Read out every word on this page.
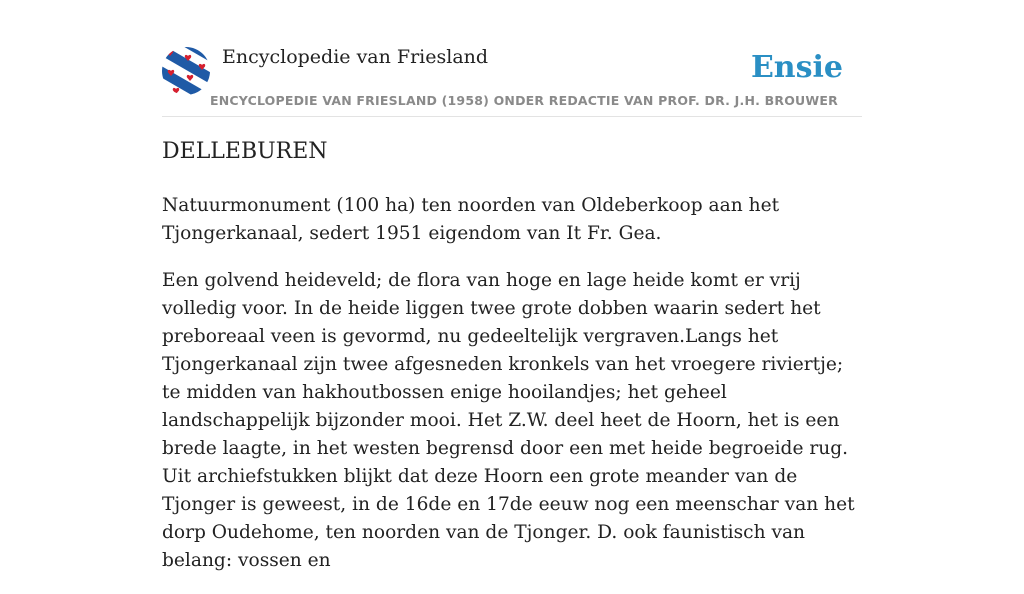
Encyclopedie van Friesland
ENCYCLOPEDIE VAN FRIESLAND (1958) ONDER REDACTIE VAN PROF. DR. J.H. BROUWER
Ensie
DELLEBUREN

Natuurmonument (100 ha) ten noorden van Oldeberkoop aan het Tjongerkanaal, sedert 1951 eigendom van It Fr. Gea.

Een golvend heideveld; de flora van hoge en lage heide komt er vrij volledig voor. In de heide liggen twee grote dobben waarin sedert het preboreaal veen is gevormd, nu gedeeltelijk vergraven.Langs het Tjongerkanaal zijn twee afgesneden kronkels van het vroegere riviertje; te midden van hakhoutbossen enige hooilandjes; het geheel landschappelijk bijzonder mooi. Het Z.W. deel heet de Hoorn, het is een brede laagte, in het westen begrensd door een met heide begroeide rug. Uit archiefstukken blijkt dat deze Hoorn een grote meander van de Tjonger is geweest, in de 16de en 17de eeuw nog een meenschar van het dorp Oudehome, ten noorden van de Tjonger. D. ook faunistisch van belang: vossen en
